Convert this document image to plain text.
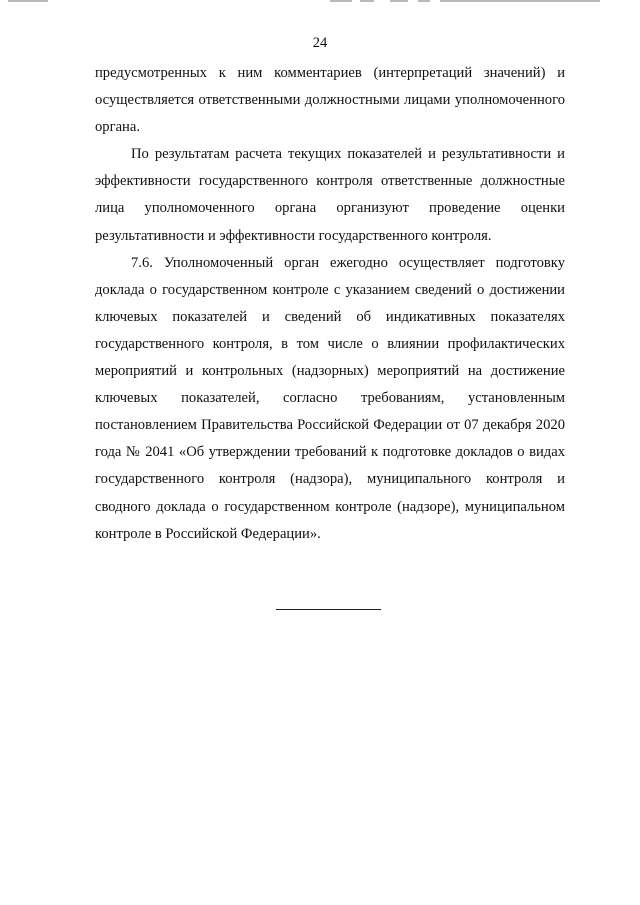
24

предусмотренных к ним комментариев (интерпретаций значений) и осуществляется ответственными должностными лицами уполномоченного органа.

По результатам расчета текущих показателей и результативности и эффективности государственного контроля ответственные должностные лица уполномоченного органа организуют проведение оценки результативности и эффективности государственного контроля.

7.6. Уполномоченный орган ежегодно осуществляет подготовку доклада о государственном контроле с указанием сведений о достижении ключевых показателей и сведений об индикативных показателях государственного контроля, в том числе о влиянии профилактических мероприятий и контрольных (надзорных) мероприятий на достижение ключевых показателей, согласно требованиям, установленным постановлением Правительства Российской Федерации от 07 декабря 2020 года № 2041 «Об утверждении требований к подготовке докладов о видах государственного контроля (надзора), муниципального контроля и сводного доклада о государственном контроле (надзоре), муниципальном контроле в Российской Федерации».
